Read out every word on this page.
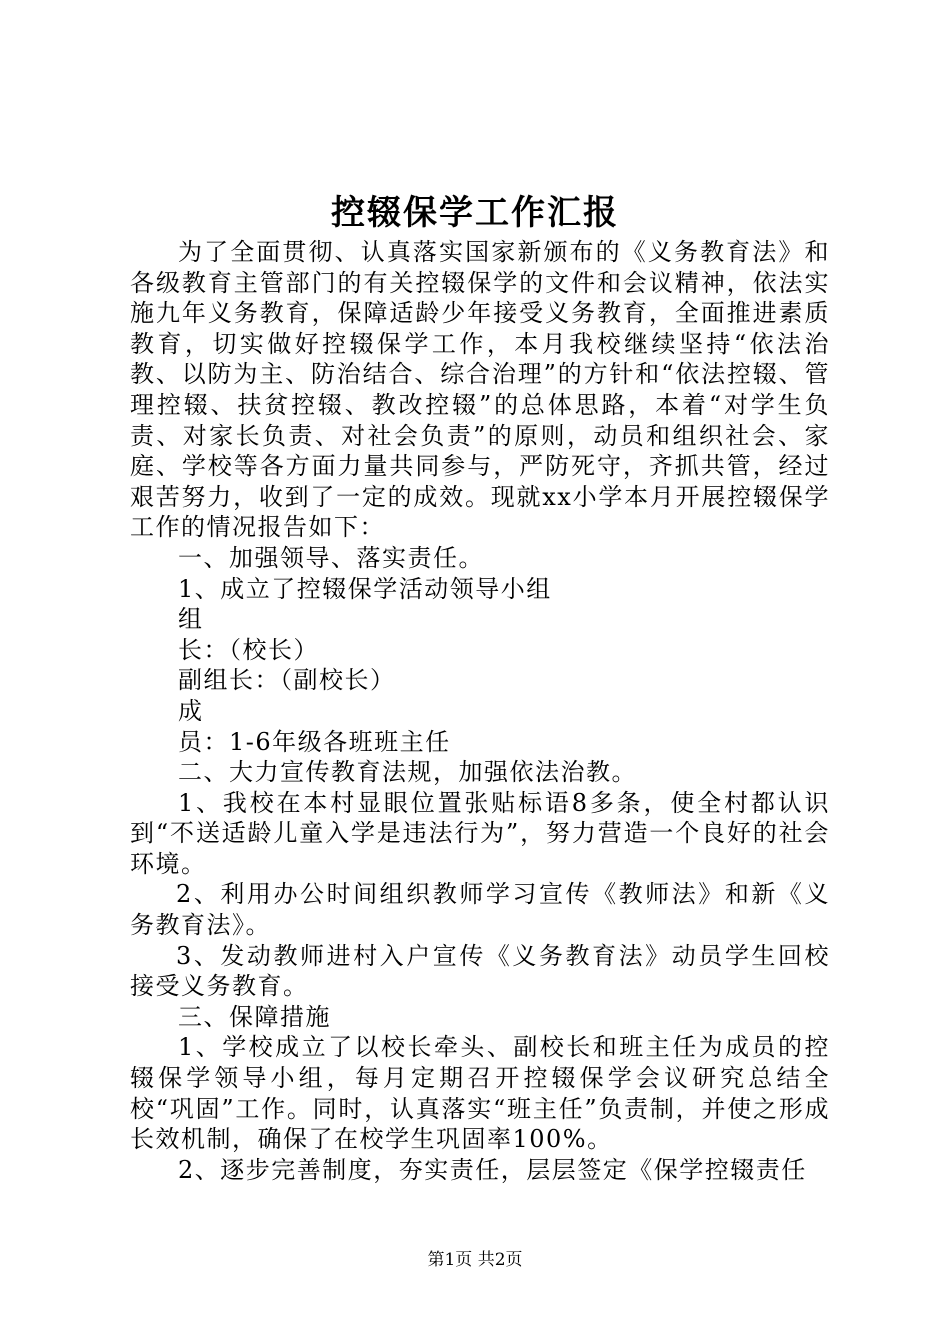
控辍保学工作汇报

为了全面贯彻、认真落实国家新颁布的《义务教育法》和各级教育主管部门的有关控辍保学的文件和会议精神，依法实施九年义务教育，保障适龄少年接受义务教育，全面推进素质教育，切实做好控辍保学工作，本月我校继续坚持“依法治教、以防为主、防治结合、综合治理”的方针和“依法控辍、管理控辍、扶贫控辍、教改控辍”的总体思路，本着“对学生负责、对家长负责、对社会负责”的原则，动员和组织社会、家庭、学校等各方面力量共同参与，严防死守，齐抓共管，经过艰苦努力，收到了一定的成效。现就xx小学本月开展控辍保学工作的情况报告如下：

一、加强领导、落实责任。

1、成立了控辍保学活动领导小组

组

长：（校长）

副组长：（副校长）

成

员：1-6年级各班班主任

二、大力宣传教育法规，加强依法治教。

1、我校在本村显眼位置张贴标语8多条，使全村都认识到“不送适龄儿童入学是违法行为”，努力营造一个良好的社会环境。

2、利用办公时间组织教师学习宣传《教师法》和新《义务教育法》。

3、发动教师进村入户宣传《义务教育法》动员学生回校接受义务教育。

三、保障措施

1、学校成立了以校长牵头、副校长和班主任为成员的控辍保学领导小组，每月定期召开控辍保学会议研究总结全校“巩固”工作。同时，认真落实“班主任”负责制，并使之形成长效机制，确保了在校学生巩固率100%。

2、逐步完善制度，夯实责任，层层签定《保学控辍责任

第1页 共2页
